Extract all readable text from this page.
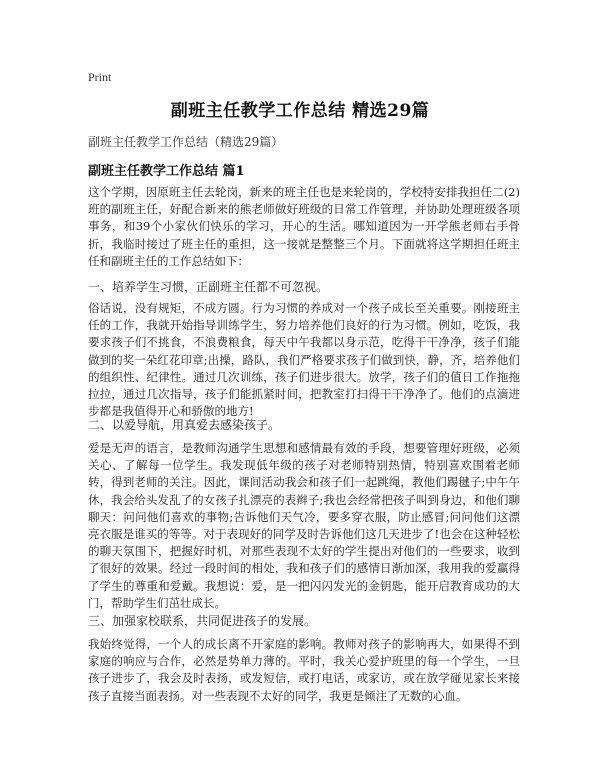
Print
副班主任教学工作总结 精选29篇
副班主任教学工作总结（精选29篇）
副班主任教学工作总结 篇1

这个学期，因原班主任去轮岗，新来的班主任也是来轮岗的，学校特安排我担任二(2)班的副班主任，好配合新来的熊老师做好班级的日常工作管理，并协助处理班级各项事务，和39个小家伙们快乐的学习，开心的生活。哪知道因为一开学熊老师右手骨折，我临时接过了班主任的重担，这一接就是整整三个月。下面就将这学期担任班主任和副班主任的工作总结如下：

一、培养学生习惯，正副班主任都不可忽视。

俗话说，没有规矩，不成方圆。行为习惯的养成对一个孩子成长至关重要。刚接班主任的工作，我就开始指导训练学生，努力培养他们良好的行为习惯。例如，吃饭，我要求孩子们不挑食，不浪费粮食，每天中午我都以身示范，吃得干干净净，孩子们能做到的奖一朵红花印章;出操，路队，我们严格要求孩子们做到快，静，齐，培养他们的组织性、纪律性。通过几次训练，孩子们进步很大。放学，孩子们的值日工作拖拖拉拉，通过几次指导，孩子们能抓紧时间，把教室打扫得干干净净了。他们的点滴进步都是我值得开心和骄傲的地方!

二、以爱导航，用真爱去感染孩子。

爱是无声的语言，是教师沟通学生思想和感情最有效的手段，想要管理好班级，必须关心、了解每一位学生。我发现低年级的孩子对老师特别热情，特别喜欢围着老师转，得到老师的关注。因此，课间活动我会和孩子们一起跳绳，教他们踢毽子;中午午休，我会给头发乱了的女孩子扎漂亮的表辫子;我也会经常把孩子叫到身边，和他们聊聊天：问问他们喜欢的事物;告诉他们天气冷，要多穿衣服，防止感冒;问问他们这漂亮衣服是谁买的等等。对于表现好的同学及时告诉他们这几天进步了!也会在这种轻松的聊天氛围下，把握好时机，对那些表现不太好的学生提出对他们的一些要求，收到了很好的效果。经过一段时间的相处，我和孩子们的感情日渐加深，我用我的爱赢得了学生的尊重和爱戴。我想说：爱，是一把闪闪发光的金钥匙，能开启教育成功的大门，帮助学生们茁壮成长。

三、加强家校联系，共同促进孩子的发展。

我始终觉得，一个人的成长离不开家庭的影响。教师对孩子的影响再大，如果得不到家庭的响应与合作，必然是势单力薄的。平时，我关心爱护班里的每一个学生，一旦孩子进步了，我会及时表扬，或发短信，或打电话，或家访，或在放学碰见家长来接孩子直接当面表扬。对一些表现不太好的同学，我更是倾注了无数的心血。
